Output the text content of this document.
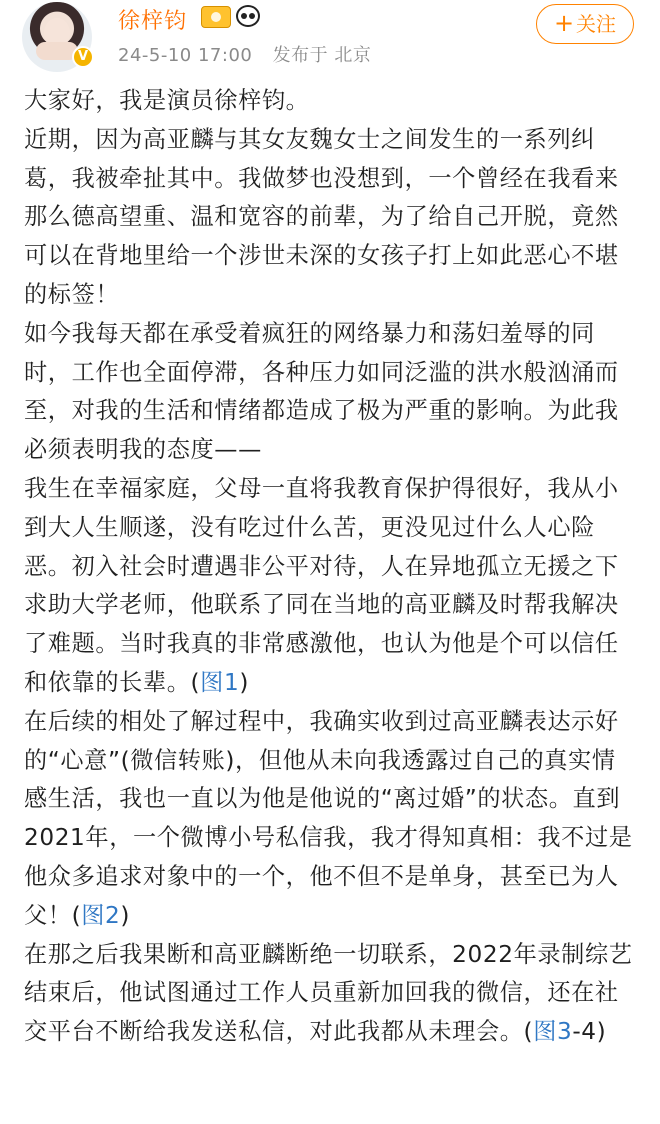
V
徐梓钧
24-5-10 17:00 发布于 北京
+ 关注

大家好，我是演员徐梓钧。

近期，因为高亚麟与其女友魏女士之间发生的一系列纠葛，我被牵扯其中。我做梦也没想到，一个曾经在我看来那么德高望重、温和宽容的前辈，为了给自己开脱，竟然可以在背地里给一个涉世未深的女孩子打上如此恶心不堪的标签！

如今我每天都在承受着疯狂的网络暴力和荡妇羞辱的同时，工作也全面停滞，各种压力如同泛滥的洪水般汹涌而至，对我的生活和情绪都造成了极为严重的影响。为此我必须表明我的态度——

我生在幸福家庭，父母一直将我教育保护得很好，我从小到大人生顺遂，没有吃过什么苦，更没见过什么人心险恶。初入社会时遭遇非公平对待，人在异地孤立无援之下求助大学老师，他联系了同在当地的高亚麟及时帮我解决了难题。当时我真的非常感激他，也认为他是个可以信任和依靠的长辈。(图1)

在后续的相处了解过程中，我确实收到过高亚麟表达示好的“心意”(微信转账)，但他从未向我透露过自己的真实情感生活，我也一直以为他是他说的“离过婚”的状态。直到2021年，一个微博小号私信我，我才得知真相：我不过是他众多追求对象中的一个，他不但不是单身，甚至已为人父！(图2)

在那之后我果断和高亚麟断绝一切联系，2022年录制综艺结束后，他试图通过工作人员重新加回我的微信，还在社交平台不断给我发送私信，对此我都从未理会。(图3-4)
